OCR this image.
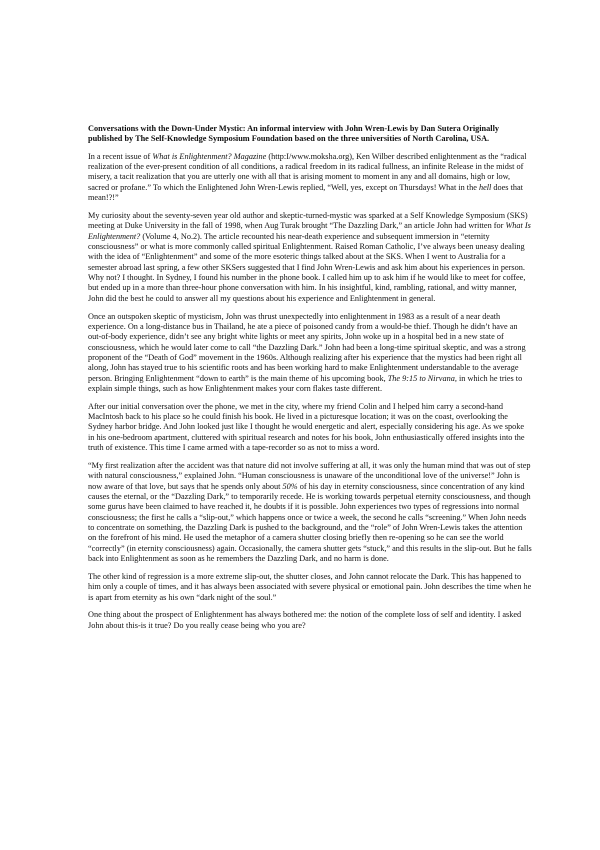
Conversations with the Down-Under Mystic: An informal interview with John Wren-Lewis by Dan Sutera Originally published by The Self-Knowledge Symposium Foundation based on the three universities of North Carolina, USA.

In a recent issue of What is Enlightenment? Magazine (http:I/www.moksha.org), Ken Wilber described enlightenment as the “radical realization of the ever-present condition of all conditions, a radical freedom in its radical fullness, an infinite Release in the midst of misery, a tacit realization that you are utterly one with all that is arising moment to moment in any and all domains, high or low, sacred or profane.” To which the Enlightened John Wren-Lewis replied, “Well, yes, except on Thursdays! What in the hell does that mean!?!”

My curiosity about the seventy-seven year old author and skeptic-turned-mystic was sparked at a Self Knowledge Symposium (SKS) meeting at Duke University in the fall of 1998, when Aug Turak brought “The Dazzling Dark,” an article John had written for What Is Enlightenment? (Volume 4, No.2). The article recounted his near-death experience and subsequent immersion in “eternity consciousness” or what is more commonly called spiritual Enlightenment. Raised Roman Catholic, I’ve always been uneasy dealing with the idea of “Enlightenment” and some of the more esoteric things talked about at the SKS. When I went to Australia for a semester abroad last spring, a few other SKSers suggested that I find John Wren-Lewis and ask him about his experiences in person. Why not? I thought. In Sydney, I found his number in the phone book. I called him up to ask him if he would like to meet for coffee, but ended up in a more than three-hour phone conversation with him. In his insightful, kind, rambling, rational, and witty manner, John did the best he could to answer all my questions about his experience and Enlightenment in general.

Once an outspoken skeptic of mysticism, John was thrust unexpectedly into enlightenment in 1983 as a result of a near death experience. On a long-distance bus in Thailand, he ate a piece of poisoned candy from a would-be thief. Though he didn’t have an out-of-body experience, didn’t see any bright white lights or meet any spirits, John woke up in a hospital bed in a new state of consciousness, which he would later come to call “the Dazzling Dark.” John had been a long-time spiritual skeptic, and was a strong proponent of the “Death of God” movement in the 1960s. Although realizing after his experience that the mystics had been right all along, John has stayed true to his scientific roots and has been working hard to make Enlightenment understandable to the average person. Bringing Enlightenment “down to earth” is the main theme of his upcoming book, The 9:15 to Nirvana, in which he tries to explain simple things, such as how Enlightenment makes your corn flakes taste different.

After our initial conversation over the phone, we met in the city, where my friend Colin and I helped him carry a second-hand MacIntosh back to his place so he could finish his book. He lived in a picturesque location; it was on the coast, overlooking the Sydney harbor bridge. And John looked just like I thought he would energetic and alert, especially considering his age. As we spoke in his one-bedroom apartment, cluttered with spiritual research and notes for his book, John enthusiastically offered insights into the truth of existence. This time I came armed with a tape-recorder so as not to miss a word.

“My first realization after the accident was that nature did not involve suffering at all, it was only the human mind that was out of step with natural consciousness,” explained John. “Human consciousness is unaware of the unconditional love of the universe!” John is now aware of that love, but says that he spends only about 50% of his day in eternity consciousness, since concentration of any kind causes the eternal, or the “Dazzling Dark,” to temporarily recede. He is working towards perpetual eternity consciousness, and though some gurus have been claimed to have reached it, he doubts if it is possible. John experiences two types of regressions into normal consciousness; the first he calls a “slip-out,” which happens once or twice a week, the second he calls “screening.” When John needs to concentrate on something, the Dazzling Dark is pushed to the background, and the “role” of John Wren-Lewis takes the attention on the forefront of his mind. He used the metaphor of a camera shutter closing briefly then re-opening so he can see the world “correctly” (in eternity consciousness) again. Occasionally, the camera shutter gets “stuck,” and this results in the slip-out. But he falls back into Enlightenment as soon as he remembers the Dazzling Dark, and no harm is done.

The other kind of regression is a more extreme slip-out, the shutter closes, and John cannot relocate the Dark. This has happened to him only a couple of times, and it has always been associated with severe physical or emotional pain. John describes the time when he is apart from eternity as his own “dark night of the soul.”

One thing about the prospect of Enlightenment has always bothered me: the notion of the complete loss of self and identity. I asked John about this-is it true? Do you really cease being who you are?
